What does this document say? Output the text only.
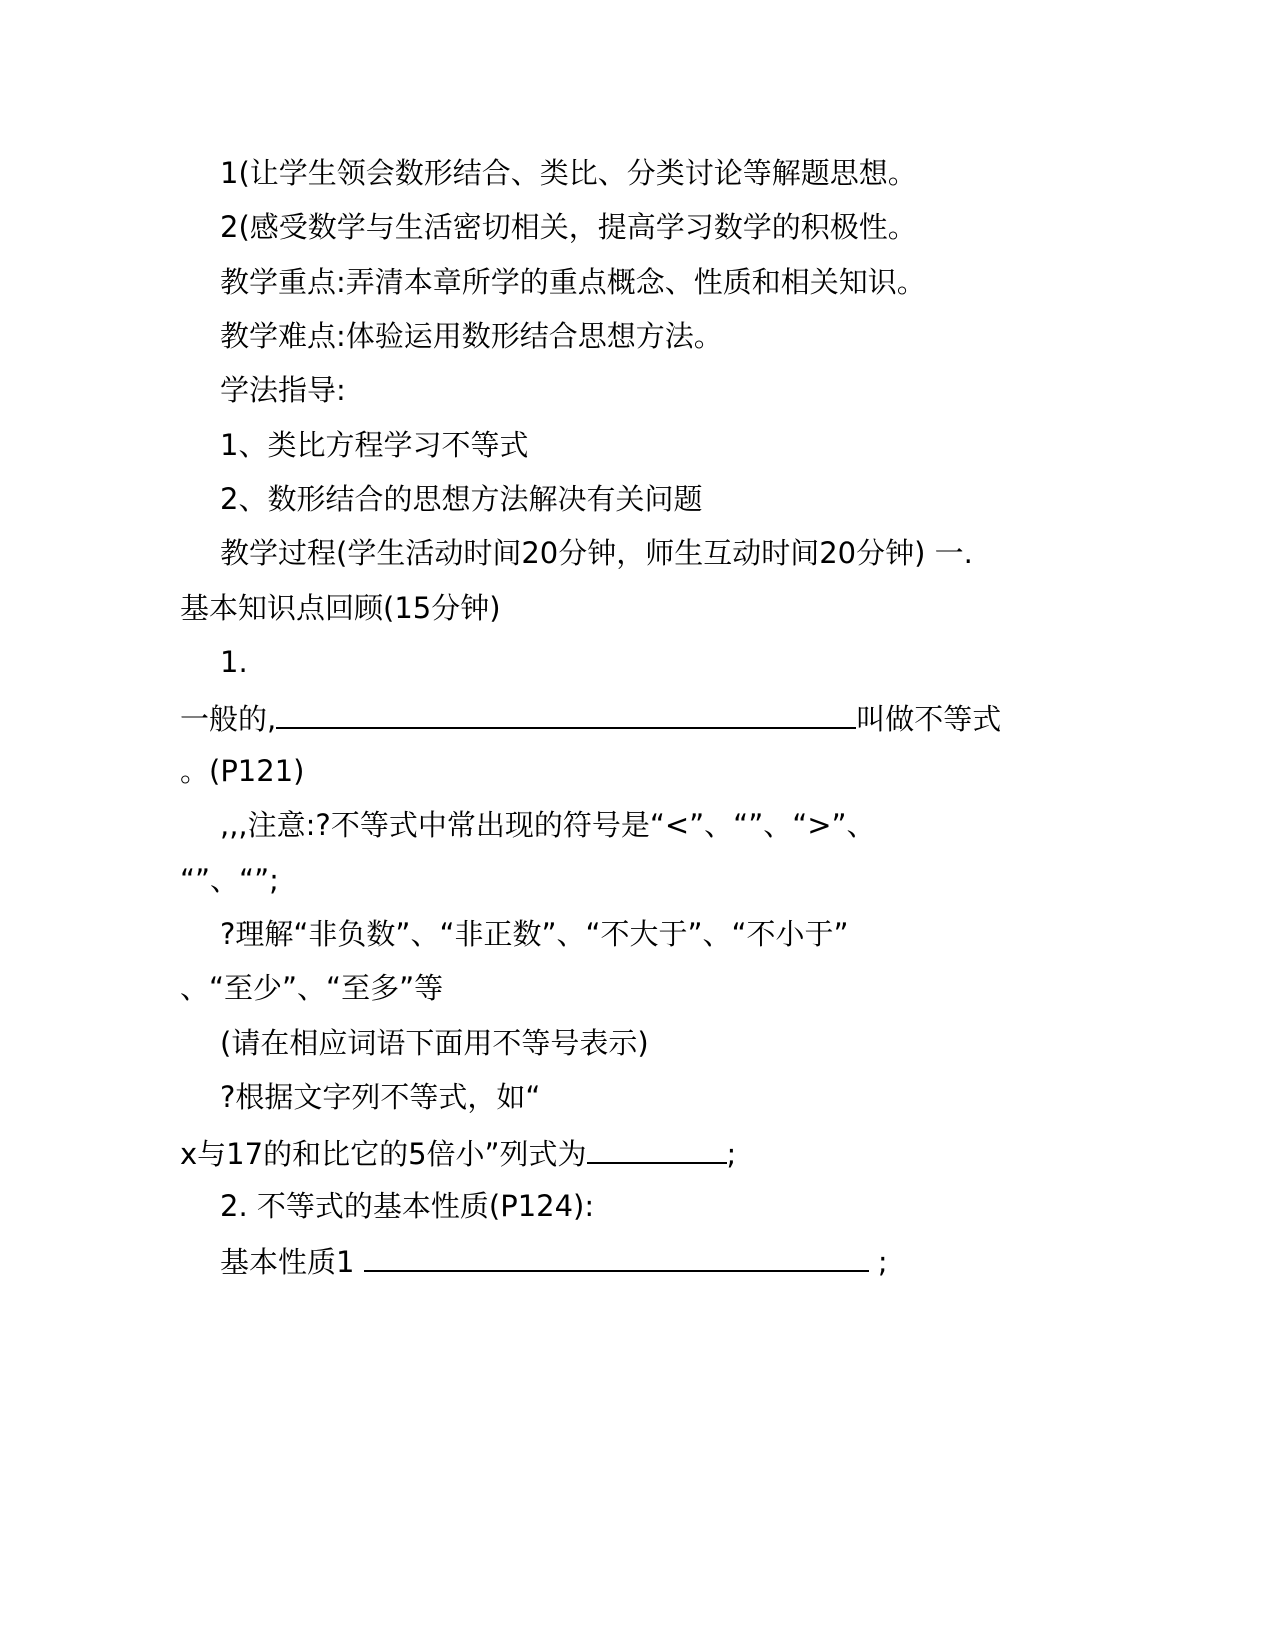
1(让学生领会数形结合、类比、分类讨论等解题思想。
2(感受数学与生活密切相关，提高学习数学的积极性。
教学重点:弄清本章所学的重点概念、性质和相关知识。
教学难点:体验运用数形结合思想方法。
学法指导:
1、类比方程学习不等式
2、数形结合的思想方法解决有关问题
教学过程(学生活动时间20分钟，师生互动时间20分钟) 一.
基本知识点回顾(15分钟)
1.
一般的,	叫做不等式
。(P121)
,,,注意:?不等式中常出现的符号是“<”、“”、“>”、
“”、“”;
?理解“非负数”、“非正数”、“不大于”、“不小于”
、“至少”、“至多”等
(请在相应词语下面用不等号表示)
?根据文字列不等式，如“
x与17的和比它的5倍小”列式为	;
2. 不等式的基本性质(P124):
基本性质1	;
